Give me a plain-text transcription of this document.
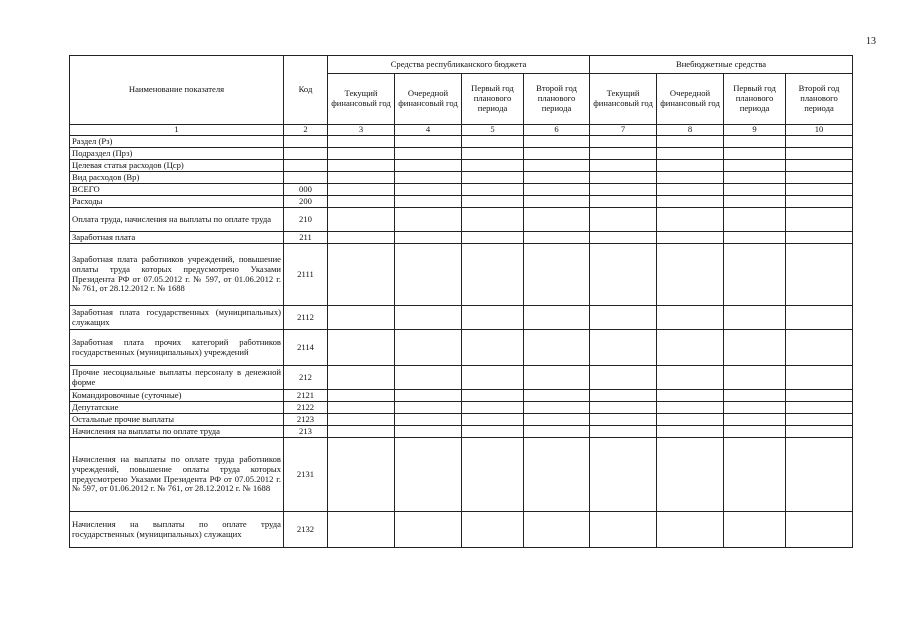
13
Наименование показателя	Код	Средства республиканского бюджета				Внебюджетные средства			
		Текущий финансовый год	Очередной финансовый год	Первый год планового периода	Второй год планового периода	Текущий финансовый год	Очередной финансовый год	Первый год планового периода	Второй год планового периода
1	2	3	4	5	6	7	8	9	10
Раздел (Рз)									
Подраздел (Прз)									
Целевая статья расходов (Цср)									
Вид расходов (Вр)									
ВСЕГО	000								
Расходы	200								
Оплата труда, начисления на выплаты по оплате труда	210								
Заработная плата	211								
Заработная плата работников учреждений, повышение оплаты труда которых предусмотрено Указами Президента РФ от 07.05.2012 г. № 597, от 01.06.2012 г. № 761, от 28.12.2012 г. № 1688	2111								
Заработная плата государственных (муниципальных) служащих	2112								
Заработная плата прочих категорий работников государственных (муниципальных) учреждений	2114								
Прочие несоциальные выплаты персоналу в денежной форме	212								
Командировочные (суточные)	2121								
Депутатские	2122								
Остальные прочие выплаты	2123								
Начисления на выплаты по оплате труда	213								
Начисления на выплаты по оплате труда работников учреждений, повышение оплаты труда которых предусмотрено Указами Президента РФ от 07.05.2012 г. № 597, от 01.06.2012 г. № 761, от 28.12.2012 г. № 1688	2131								
Начисления на выплаты по оплате труда государственных (муниципальных) служащих	2132								
